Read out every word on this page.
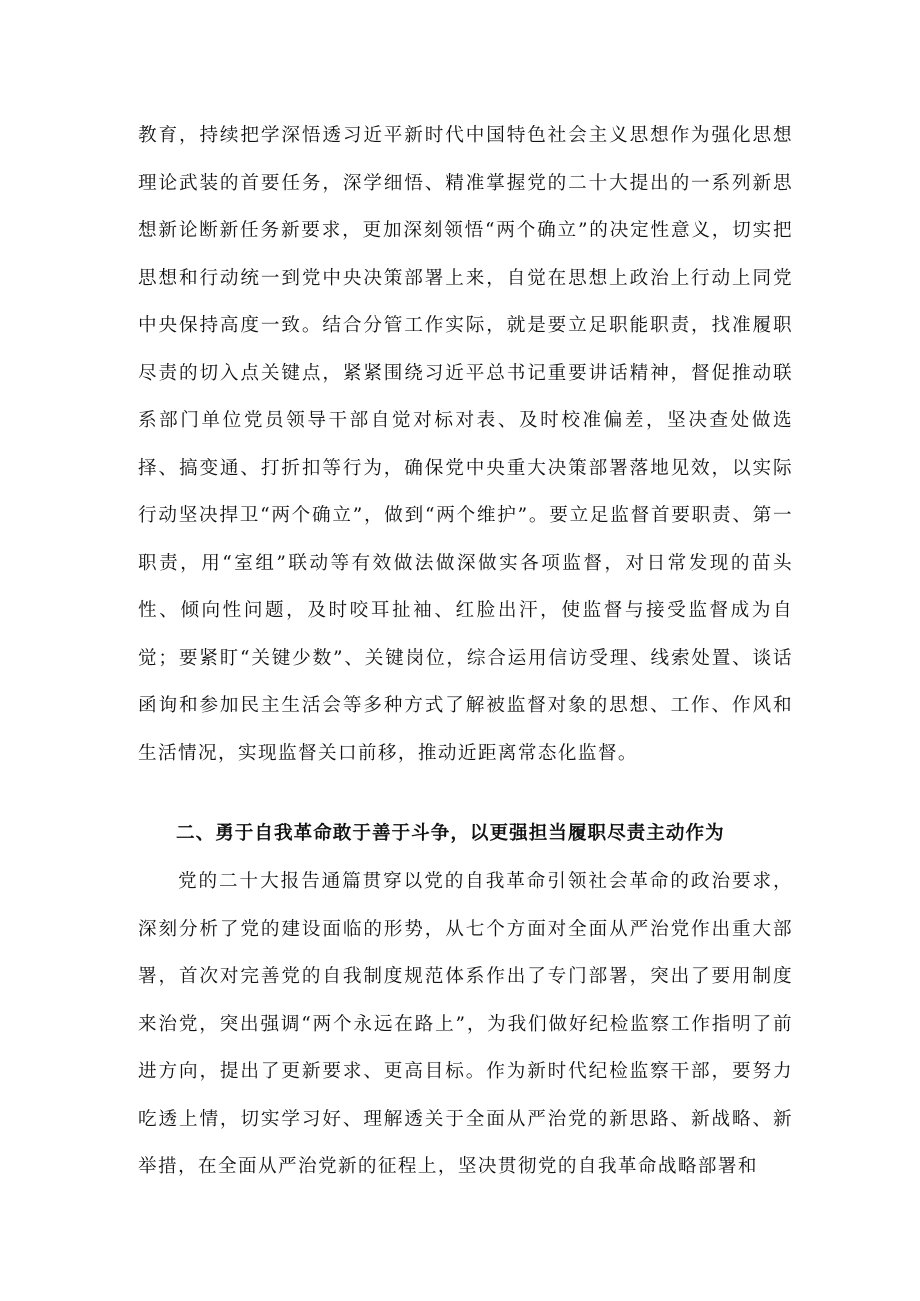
教育，持续把学深悟透习近平新时代中国特色社会主义思想作为强化思想理论武装的首要任务，深学细悟、精准掌握党的二十大提出的一系列新思想新论断新任务新要求，更加深刻领悟“两个确立”的决定性意义，切实把思想和行动统一到党中央决策部署上来，自觉在思想上政治上行动上同党中央保持高度一致。结合分管工作实际，就是要立足职能职责，找准履职尽责的切入点关键点，紧紧围绕习近平总书记重要讲话精神，督促推动联系部门单位党员领导干部自觉对标对表、及时校准偏差，坚决查处做选择、搞变通、打折扣等行为，确保党中央重大决策部署落地见效，以实际行动坚决捍卫“两个确立”，做到“两个维护”。要立足监督首要职责、第一职责，用“室组”联动等有效做法做深做实各项监督，对日常发现的苗头性、倾向性问题，及时咬耳扯袖、红脸出汗，使监督与接受监督成为自觉；要紧盯“关键少数”、关键岗位，综合运用信访受理、线索处置、谈话函询和参加民主生活会等多种方式了解被监督对象的思想、工作、作风和生活情况，实现监督关口前移，推动近距离常态化监督。

二、勇于自我革命敢于善于斗争，以更强担当履职尽责主动作为

党的二十大报告通篇贯穿以党的自我革命引领社会革命的政治要求，深刻分析了党的建设面临的形势，从七个方面对全面从严治党作出重大部署，首次对完善党的自我制度规范体系作出了专门部署，突出了要用制度来治党，突出强调“两个永远在路上”，为我们做好纪检监察工作指明了前进方向，提出了更新要求、更高目标。作为新时代纪检监察干部，要努力吃透上情，切实学习好、理解透关于全面从严治党的新思路、新战略、新举措，在全面从严治党新的征程上，坚决贯彻党的自我革命战略部署和
